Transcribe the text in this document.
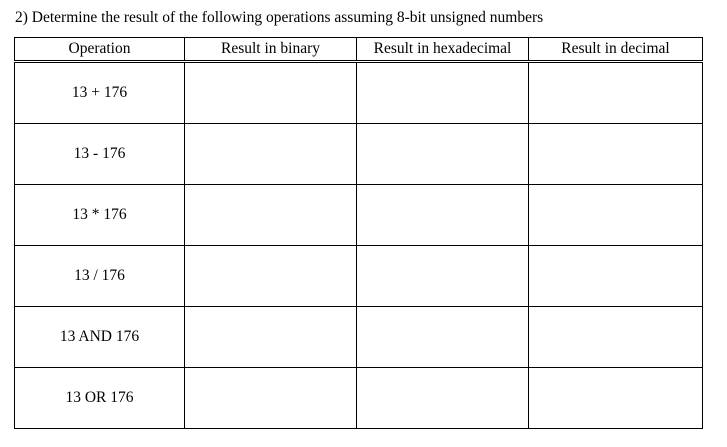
2) Determine the result of the following operations assuming 8-bit unsigned numbers
Operation	Result in binary	Result in hexadecimal	Result in decimal
13 + 176			
13 - 176			
13 * 176			
13 / 176			
13 AND 176			
13 OR 176			
